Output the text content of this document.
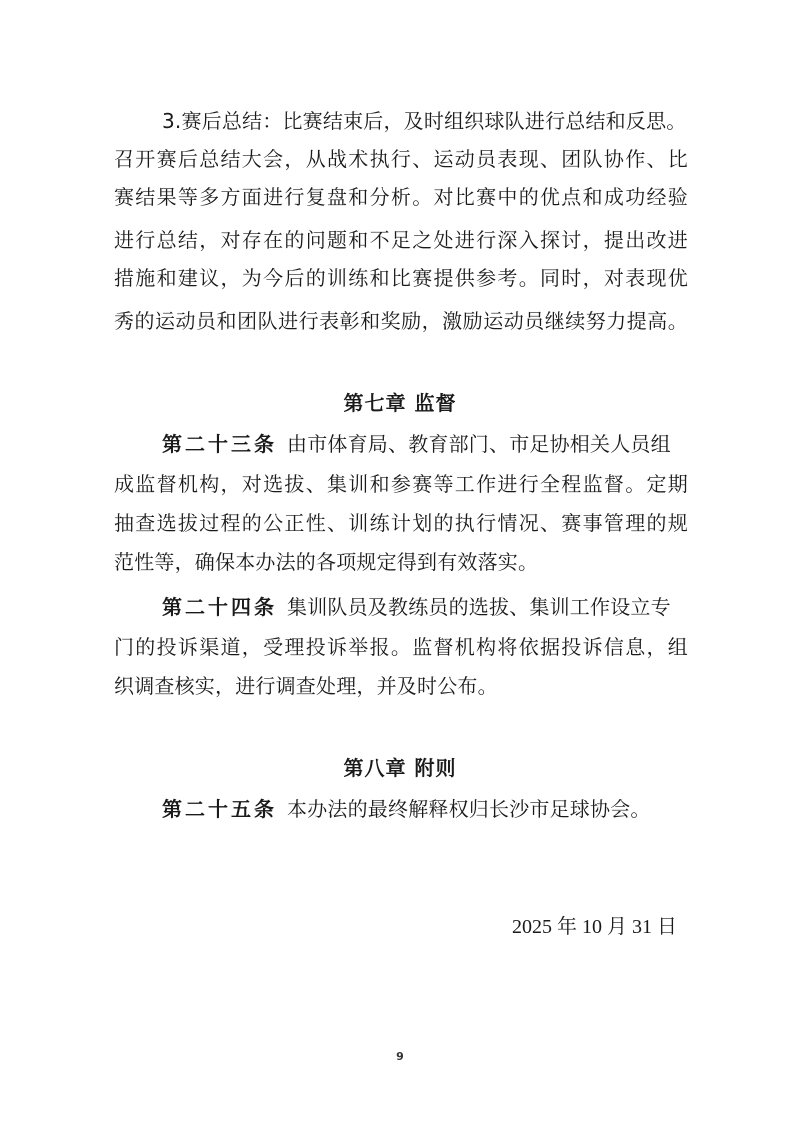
3.赛后总结：比赛结束后，及时组织球队进行总结和反思。
召开赛后总结大会，从战术执行、运动员表现、团队协作、比
赛结果等多方面进行复盘和分析。对比赛中的优点和成功经验
进行总结，对存在的问题和不足之处进行深入探讨，提出改进
措施和建议，为今后的训练和比赛提供参考。同时，对表现优
秀的运动员和团队进行表彰和奖励，激励运动员继续努力提高。
第七章 监督
第二十三条 由市体育局、教育部门、市足协相关人员组
成监督机构，对选拔、集训和参赛等工作进行全程监督。定期
抽查选拔过程的公正性、训练计划的执行情况、赛事管理的规
范性等，确保本办法的各项规定得到有效落实。
第二十四条 集训队员及教练员的选拔、集训工作设立专
门的投诉渠道，受理投诉举报。监督机构将依据投诉信息，组
织调查核实，进行调查处理，并及时公布。
第八章 附则
第二十五条 本办法的最终解释权归长沙市足球协会。
2025 年 10 月 31 日
9
